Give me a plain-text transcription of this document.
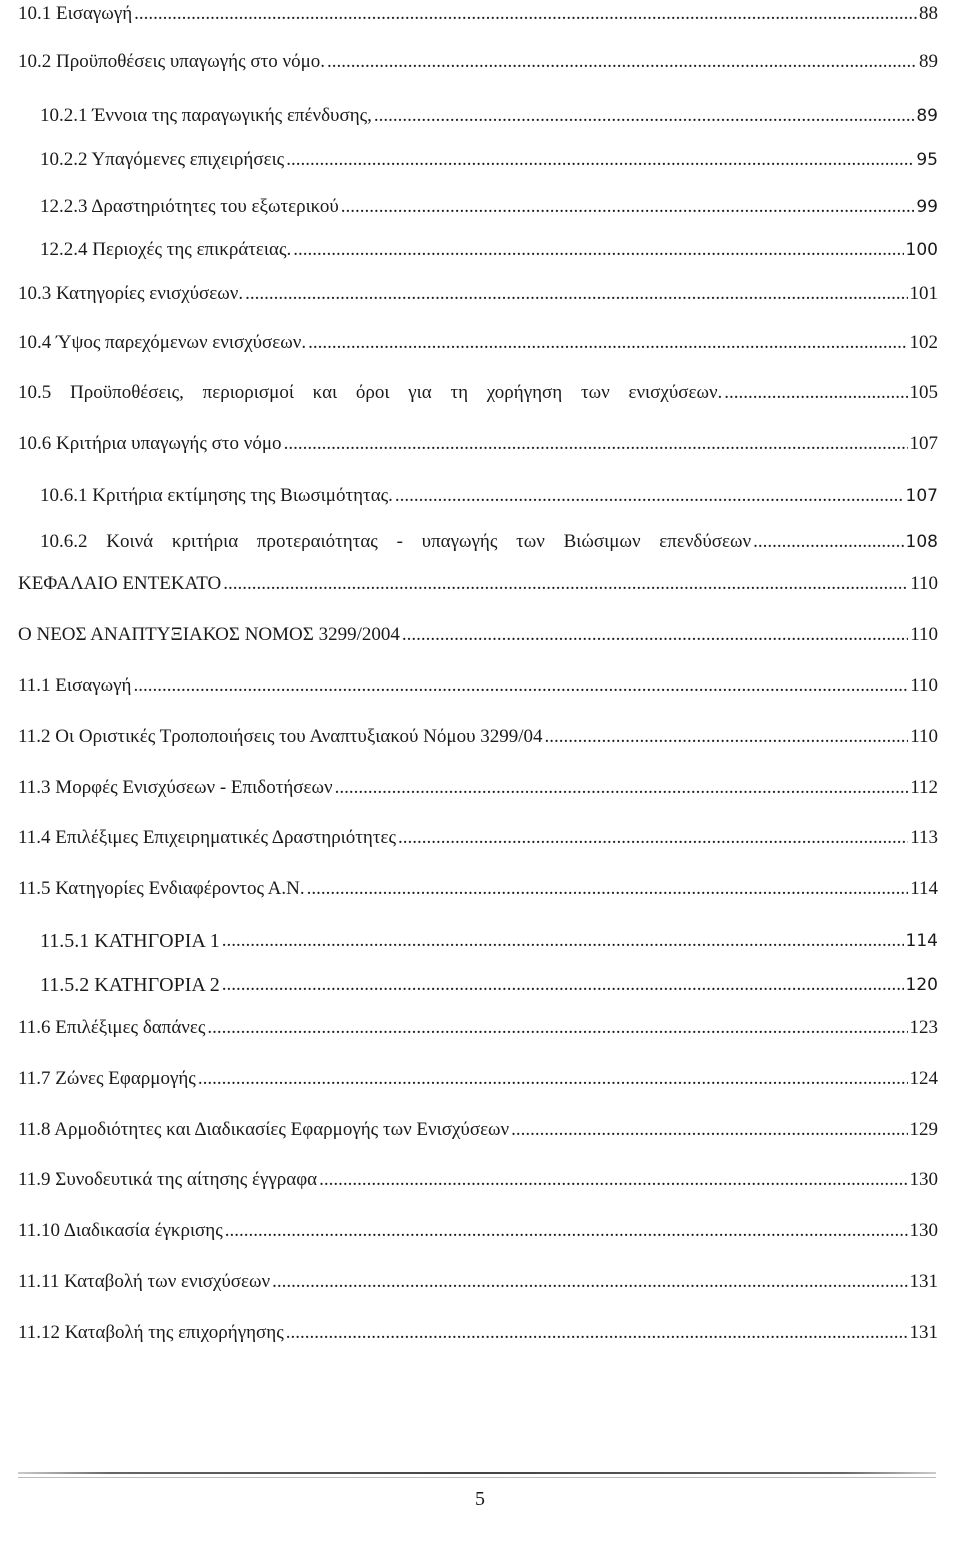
10.1 Εισαγωγή .....	88
10.2 Προϋποθέσεις υπαγωγής στο νόμο. .....	89
10.2.1 Έννοια της παραγωγικής επένδυσης, .....	89
10.2.2 Υπαγόμενες επιχειρήσεις .....	95
12.2.3 Δραστηριότητες του εξωτερικού .....	99
12.2.4 Περιοχές της επικράτειας. .....	100
10.3 Κατηγορίες ενισχύσεων. .....	101
10.4 Ύψος παρεχόμενων ενισχύσεων. .....	102
10.5 Προϋποθέσεις, περιορισμοί και όροι για τη χορήγηση των ενισχύσεων. .....	105
10.6 Κριτήρια υπαγωγής στο νόμο .....	107
10.6.1 Κριτήρια εκτίμησης της Βιωσιμότητας. .....	107
10.6.2 Κοινά κριτήρια προτεραιότητας - υπαγωγής των Βιώσιμων επενδύσεων .....	108
ΚΕΦΑΛΑΙΟ ΕΝΤΕΚΑΤΟ .....	110
Ο ΝΕΟΣ ΑΝΑΠΤΥΞΙΑΚΟΣ ΝΟΜΟΣ 3299/2004 .....	110
11.1 Εισαγωγή .....	110
11.2 Οι Οριστικές Τροποποιήσεις του Αναπτυξιακού Νόμου 3299/04 .....	110
11.3 Μορφές Ενισχύσεων - Επιδοτήσεων .....	112
11.4 Επιλέξιμες Επιχειρηματικές Δραστηριότητες .....	113
11.5 Κατηγορίες Ενδιαφέροντος Α.Ν. .....	114
11.5.1 ΚΑΤΗΓΟΡΙΑ 1 .....	114
11.5.2 ΚΑΤΗΓΟΡΙΑ 2 .....	120
11.6 Επιλέξιμες δαπάνες .....	123
11.7 Ζώνες Εφαρμογής .....	124
11.8 Αρμοδιότητες και Διαδικασίες Εφαρμογής των Ενισχύσεων .....	129
11.9 Συνοδευτικά της αίτησης έγγραφα .....	130
11.10 Διαδικασία έγκρισης .....	130
11.11 Καταβολή των ενισχύσεων .....	131
11.12 Καταβολή της επιχορήγησης .....	131
5
